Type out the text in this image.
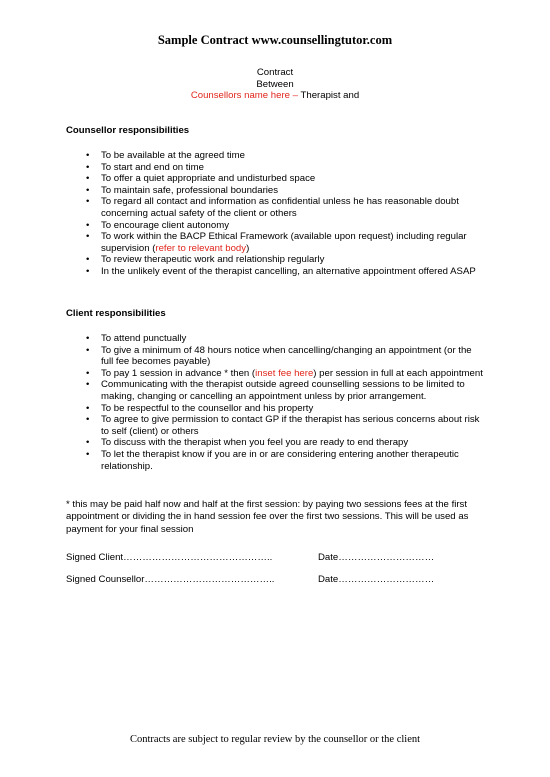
Sample Contract www.counsellingtutor.com
Contract
Between
Counsellors name here – Therapist and
Counsellor responsibilities
• To be available at the agreed time
• To start and end on time
• To offer a quiet appropriate and undisturbed space
• To maintain safe, professional boundaries
• To regard all contact and information as confidential unless he has reasonable doubt concerning actual safety of the client or others
• To encourage client autonomy
• To work within the BACP Ethical Framework (available upon request) including regular supervision (refer to relevant body)
• To review therapeutic work and relationship regularly
• In the unlikely event of the therapist cancelling, an alternative appointment offered ASAP
Client responsibilities
• To attend punctually
• To give a minimum of 48 hours notice when cancelling/changing an appointment (or the full fee becomes payable)
• To pay 1 session in advance * then (inset fee here) per session in full at each appointment
• Communicating with the therapist outside agreed counselling sessions to be limited to making, changing or cancelling an appointment unless by prior arrangement.
• To be respectful to the counsellor and his property
• To agree to give permission to contact GP if the therapist has serious concerns about risk to self (client) or others
• To discuss with the therapist when you feel you are ready to end therapy
• To let the therapist know if you are in or are considering entering another therapeutic relationship.
* this may be paid half now and half at the first session: by paying two sessions fees at the first appointment or dividing the in hand session fee over the first two sessions. This will be used as payment for your final session
Signed Client………………………………………..	Date…………………………
Signed Counsellor…………………………………..	Date…………………………
Contracts are subject to regular review by the counsellor or the client
